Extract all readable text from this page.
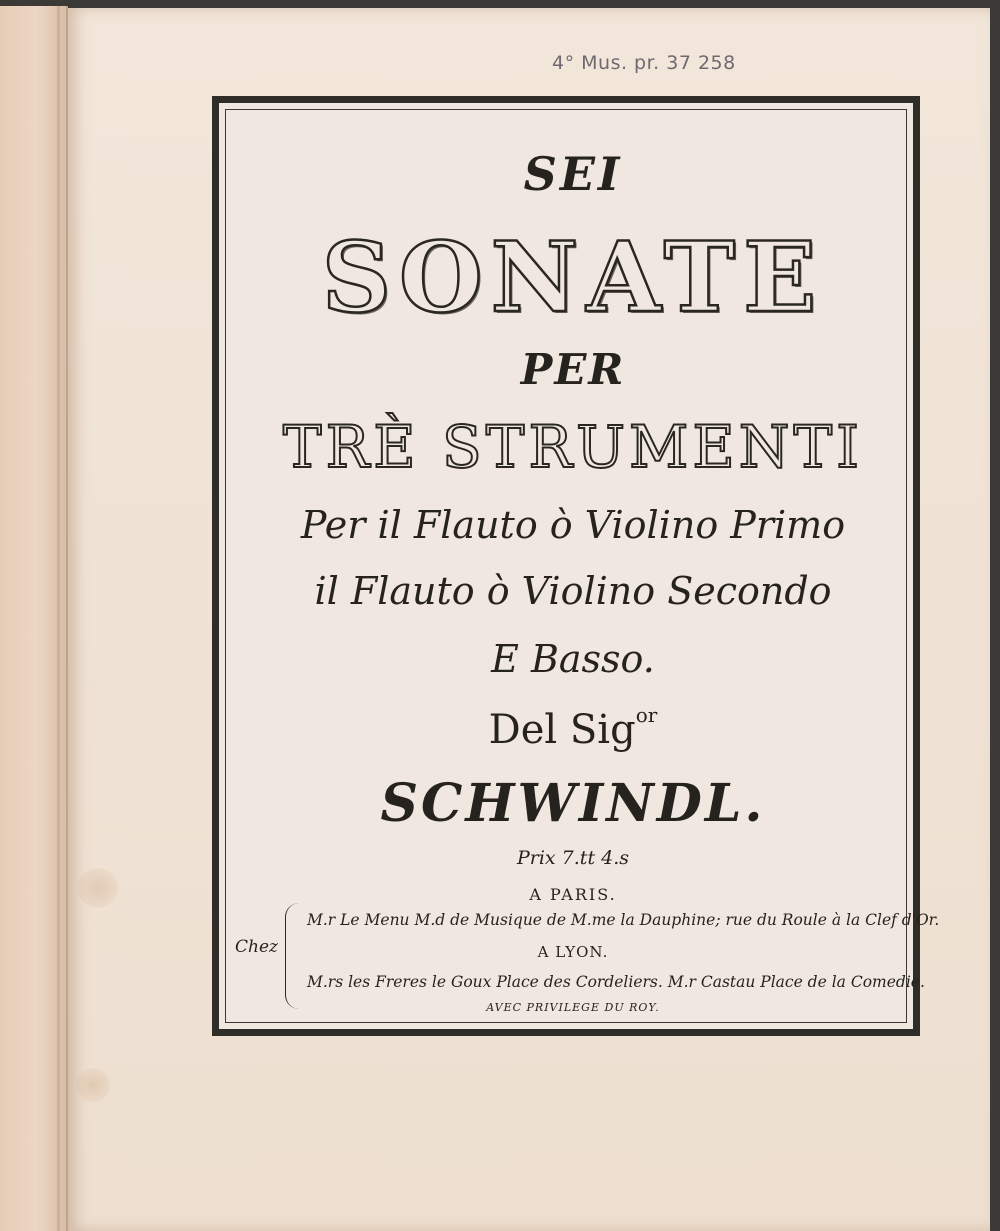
4° Mus. pr. 37 258
SEI
SONATE
PER
TRÈ STRUMENTI
Per il Flauto ò Violino Primo
il Flauto ò Violino Secondo
E Basso.
Del Sig$^{or}$
SCHWINDL.
Prix 7.tt 4.s
A PARIS.
Chez
M.r Le Menu M.d de Musique de M.me la Dauphine; rue du Roule à la Clef d'Or.
A LYON.
M.rs les Freres le Goux Place des Cordeliers. M.r Castau Place de la Comedie.
AVEC PRIVILEGE DU ROY.
